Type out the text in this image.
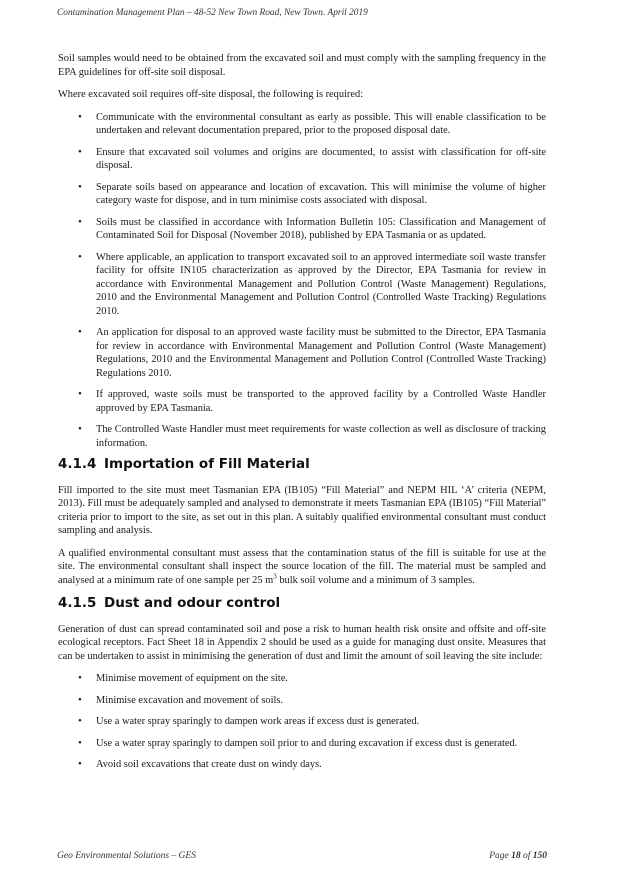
Contamination Management Plan – 48-52 New Town Road, New Town. April 2019

Soil samples would need to be obtained from the excavated soil and must comply with the sampling frequency in the EPA guidelines for off-site soil disposal.

Where excavated soil requires off-site disposal, the following is required:

• Communicate with the environmental consultant as early as possible. This will enable classification to be undertaken and relevant documentation prepared, prior to the proposed disposal date.
• Ensure that excavated soil volumes and origins are documented, to assist with classification for off-site disposal.
• Separate soils based on appearance and location of excavation. This will minimise the volume of higher category waste for dispose, and in turn minimise costs associated with disposal.
• Soils must be classified in accordance with Information Bulletin 105: Classification and Management of Contaminated Soil for Disposal (November 2018), published by EPA Tasmania or as updated.
• Where applicable, an application to transport excavated soil to an approved intermediate soil waste transfer facility for offsite IN105 characterization as approved by the Director, EPA Tasmania for review in accordance with Environmental Management and Pollution Control (Waste Management) Regulations, 2010 and the Environmental Management and Pollution Control (Controlled Waste Tracking) Regulations 2010.
• An application for disposal to an approved waste facility must be submitted to the Director, EPA Tasmania for review in accordance with Environmental Management and Pollution Control (Waste Management) Regulations, 2010 and the Environmental Management and Pollution Control (Controlled Waste Tracking) Regulations 2010.
• If approved, waste soils must be transported to the approved facility by a Controlled Waste Handler approved by EPA Tasmania.
• The Controlled Waste Handler must meet requirements for waste collection as well as disclosure of tracking information.
4.1.4 Importation of Fill Material

Fill imported to the site must meet Tasmanian EPA (IB105) “Fill Material” and NEPM HIL ‘A’ criteria (NEPM, 2013). Fill must be adequately sampled and analysed to demonstrate it meets Tasmanian EPA (IB105) “Fill Material” criteria prior to import to the site, as set out in this plan. A suitably qualified environmental consultant must conduct sampling and analysis.

A qualified environmental consultant must assess that the contamination status of the fill is suitable for use at the site. The environmental consultant shall inspect the source location of the fill. The material must be sampled and analysed at a minimum rate of one sample per 25 $m^3$ bulk soil volume and a minimum of 3 samples.

4.1.5 Dust and odour control

Generation of dust can spread contaminated soil and pose a risk to human health risk onsite and offsite and off-site ecological receptors. Fact Sheet 18 in Appendix 2 should be used as a guide for managing dust onsite. Measures that can be undertaken to assist in minimising the generation of dust and limit the amount of soil leaving the site include:

• Minimise movement of equipment on the site.
• Minimise excavation and movement of soils.
• Use a water spray sparingly to dampen work areas if excess dust is generated.
• Use a water spray sparingly to dampen soil prior to and during excavation if excess dust is generated.
• Avoid soil excavations that create dust on windy days.
Geo Environmental Solutions – GES	Page 18 of 150
